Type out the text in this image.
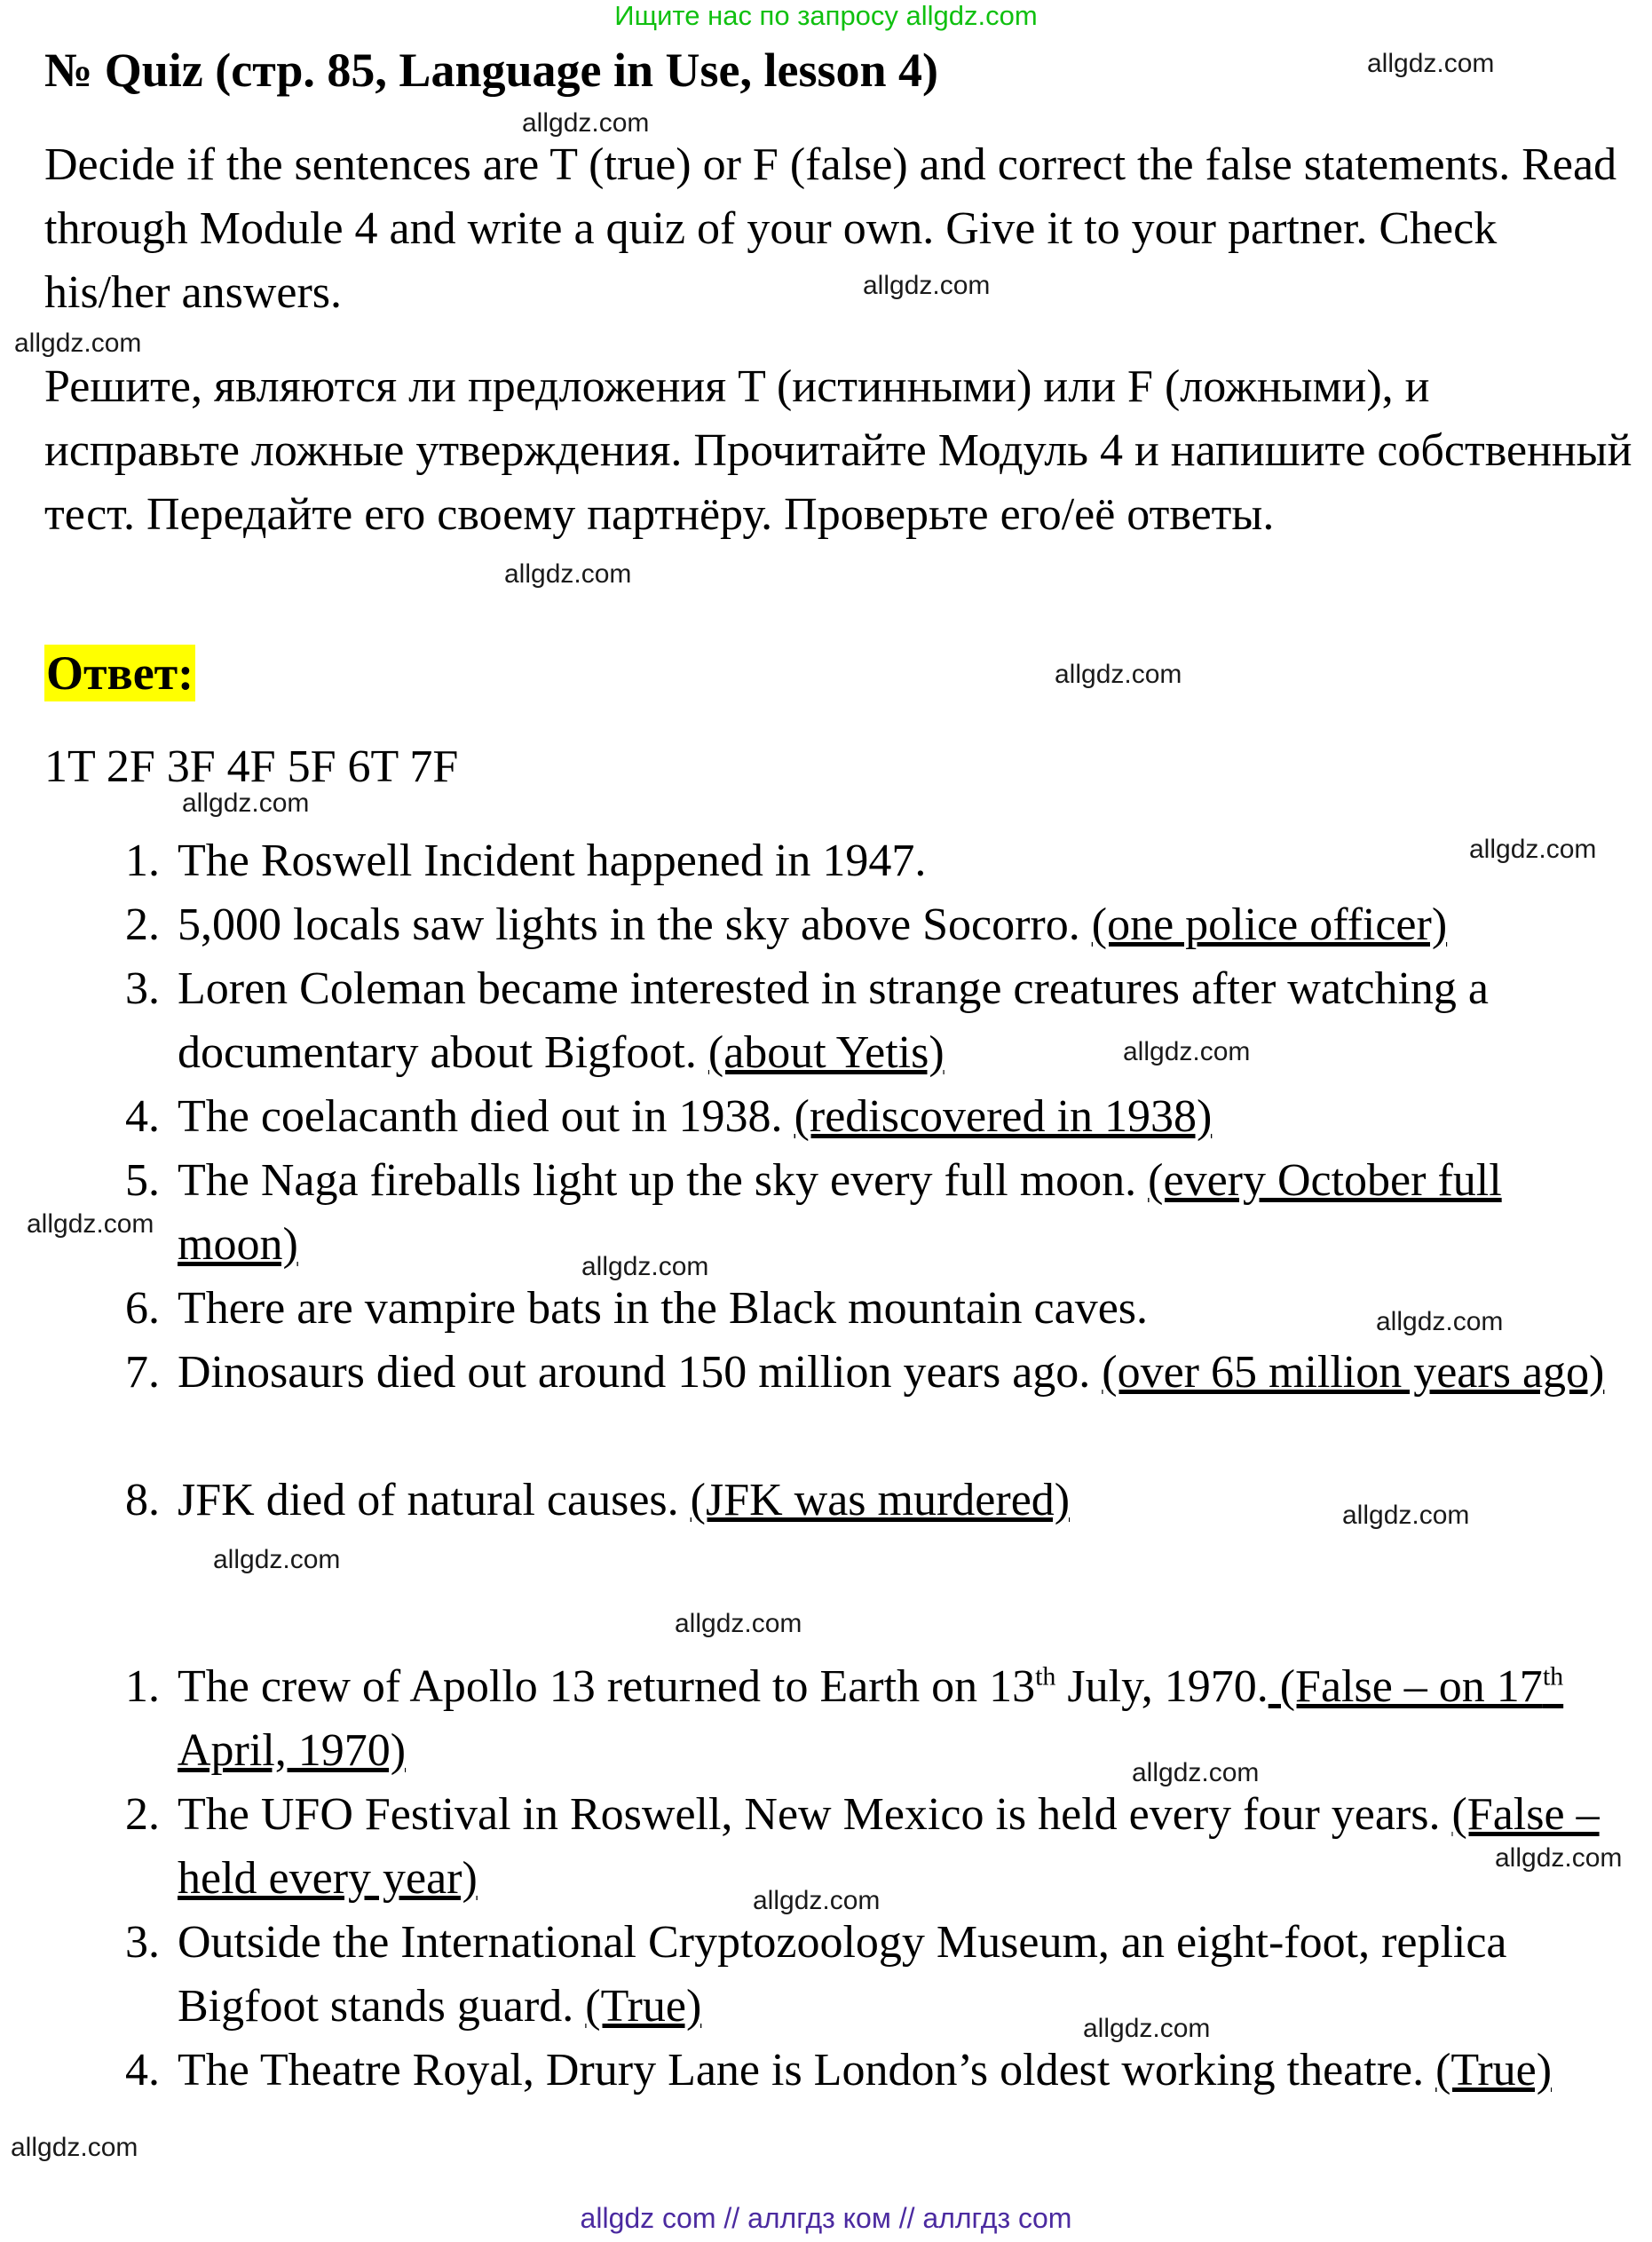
Ищите нас по запросу allgdz.com
№ Quiz (стр. 85, Language in Use, lesson 4)
Decide if the sentences are T (true) or F (false) and correct the false statements. Read through Module 4 and write a quiz of your own. Give it to your partner. Check his/her answers.
Решите, являются ли предложения T (истинными) или F (ложными), и исправьте ложные утверждения. Прочитайте Модуль 4 и напишите собственный тест. Передайте его своему партнёру. Проверьте его/её ответы.
Ответ:
1T 2F 3F 4F 5F 6T 7F
1. The Roswell Incident happened in 1947.
2. 5,000 locals saw lights in the sky above Socorro. (one police officer)
3. Loren Coleman became interested in strange creatures after watching a documentary about Bigfoot. (about Yetis)
4. The coelacanth died out in 1938. (rediscovered in 1938)
5. The Naga fireballs light up the sky every full moon. (every October full moon)
6. There are vampire bats in the Black mountain caves.
7. Dinosaurs died out around 150 million years ago. (over 65 million years ago)
8. JFK died of natural causes. (JFK was murdered)
1. The crew of Apollo 13 returned to Earth on 13th July, 1970. (False – on 17th April, 1970)
2. The UFO Festival in Roswell, New Mexico is held every four years. (False – held every year)
3. Outside the International Cryptozoology Museum, an eight-foot, replica Bigfoot stands guard. (True)
4. The Theatre Royal, Drury Lane is London’s oldest working theatre. (True)
allgdz.com
allgdz.com
allgdz.com
allgdz.com
allgdz.com
allgdz.com
allgdz.com
allgdz.com
allgdz.com
allgdz.com
allgdz.com
allgdz.com
allgdz.com
allgdz.com
allgdz.com
allgdz.com
allgdz.com
allgdz.com
allgdz.com
allgdz.com
allgdz com // аллгдз ком // аллгдз com
